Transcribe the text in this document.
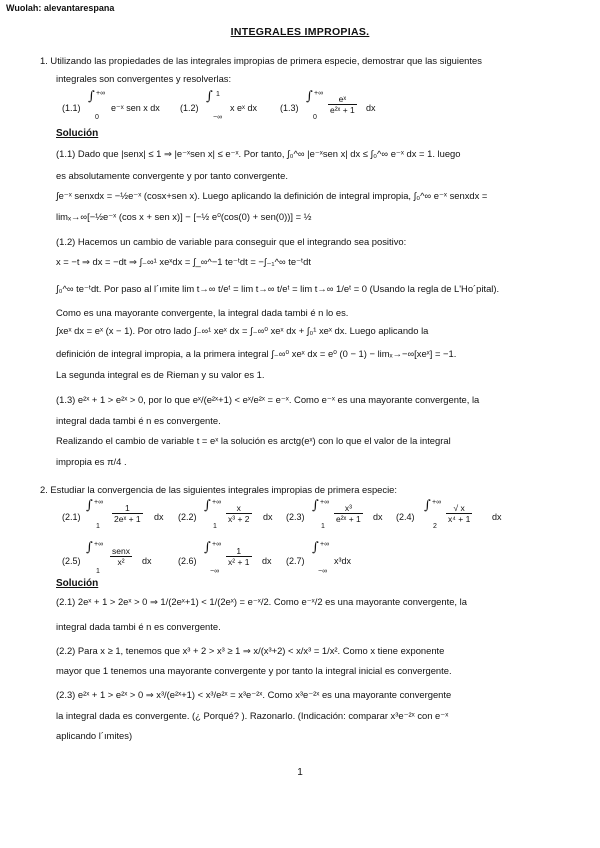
Wuolah: alevantarespana
INTEGRALES IMPROPIAS.
1. Utilizando las propiedades de las integrales impropias de primera especie, demostrar que las siguientes
integrales son convergentes y resolverlas:
(1.1)
∫ +∞
0
e⁻ˣ sen x dx (1.2)
∫ 1
−∞
x eˣ dx	(1.3)
∫ +∞
0
$\frac{\text{eˣ}}{\text{e²ˣ + 1}}$ dx
Solución
(1.1) Dado que |senx| ≤ 1 ⇒ |e⁻ˣsen x| ≤ e⁻ˣ. Por tanto, ∫₀^∞ |e⁻ˣsen x| dx ≤ ∫₀^∞ e⁻ˣ dx = 1. luego
es absolutamente convergente y por tanto convergente.
∫e⁻ˣ senxdx = −½e⁻ˣ (cosx+sen x). Luego aplicando la definición de integral impropia, ∫₀^∞ e⁻ˣ senxdx =
limₓ→∞[−½e⁻ˣ (cos x + sen x)] − [−½ e⁰(cos(0) + sen(0))] = ½
(1.2) Hacemos un cambio de variable para conseguir que el integrando sea positivo:
x = −t ⇒ dx = −dt ⇒ ∫₋∞¹ xeˣdx = ∫_∞^−1 te⁻ᵗdt = −∫₋₁^∞ te⁻ᵗdt
∫₀^∞ te⁻ᵗdt. Por paso al l´ımite lim t→∞ t/eᵗ = lim t→∞ t/eᵗ = lim t→∞ 1/eᵗ = 0 (Usando la regla de L'Ho´pital).
Como es una mayorante convergente, la integral dada tambi é n lo es.
∫xeˣ dx = eˣ (x − 1). Por otro lado ∫₋∞¹ xeˣ dx = ∫₋∞⁰ xeˣ dx + ∫₀¹ xeˣ dx. Luego aplicando la
definición de integral impropia, a la primera integral ∫₋∞⁰ xeˣ dx = e⁰ (0 − 1) − limₓ→−∞[xeˣ] = −1.
La segunda integral es de Rieman y su valor es 1.
(1.3) e²ˣ + 1 > e²ˣ > 0, por lo que eˣ/(e²ˣ+1) < eˣ/e²ˣ = e⁻ˣ. Como e⁻ˣ es una mayorante convergente, la
integral dada tambi é n es convergente.
Realizando el cambio de variable t = eˣ la solución es arctg(eˣ) con lo que el valor de la integral
impropia es π/4 .
2. Estudiar la convergencia de las siguientes integrales impropias de primera especie:
(2.1)
∫ +∞
1
$\frac{1}{\text{2eˣ + 1}}$ dx (2.2)
∫ +∞
1
$\frac{x}{\text{x³ + 2}}$ dx (2.3)
∫ +∞
1
$\frac{\text{x³}}{\text{e²ˣ + 1}}$ dx (2.4)
∫ +∞
2
$\frac{√ x}{\text{x⁴ + 1}}$ dx
(2.5)
∫ +∞
1
$\frac{\text{senx}}{\text{x²}}$ dx	(2.6)
∫ +∞
−∞
$\frac{1}{\text{x² + 1}}$ dx (2.7)
∫ +∞
−∞
x³dx
Solución
(2.1) 2eˣ + 1 > 2eˣ > 0 ⇒ 1/(2eˣ+1) < 1/(2eˣ) = e⁻ˣ/2. Como e⁻ˣ/2 es una mayorante convergente, la
integral dada tambi é n es convergente.
(2.2) Para x ≥ 1, tenemos que x³ + 2 > x³ ≥ 1 ⇒ x/(x³+2) < x/x³ = 1/x². Como x tiene exponente
mayor que 1 tenemos una mayorante convergente y por tanto la integral inicial es convergente.
(2.3) e²ˣ + 1 > e²ˣ > 0 ⇒ x³/(e²ˣ+1) < x³/e²ˣ = x³e⁻²ˣ. Como x³e⁻²ˣ es una mayorante convergente
la integral dada es convergente. (¿ Porqué? ). Razonarlo. (Indicación: comparar x³e⁻²ˣ con e⁻ˣ
aplicando l´ımites)
1
